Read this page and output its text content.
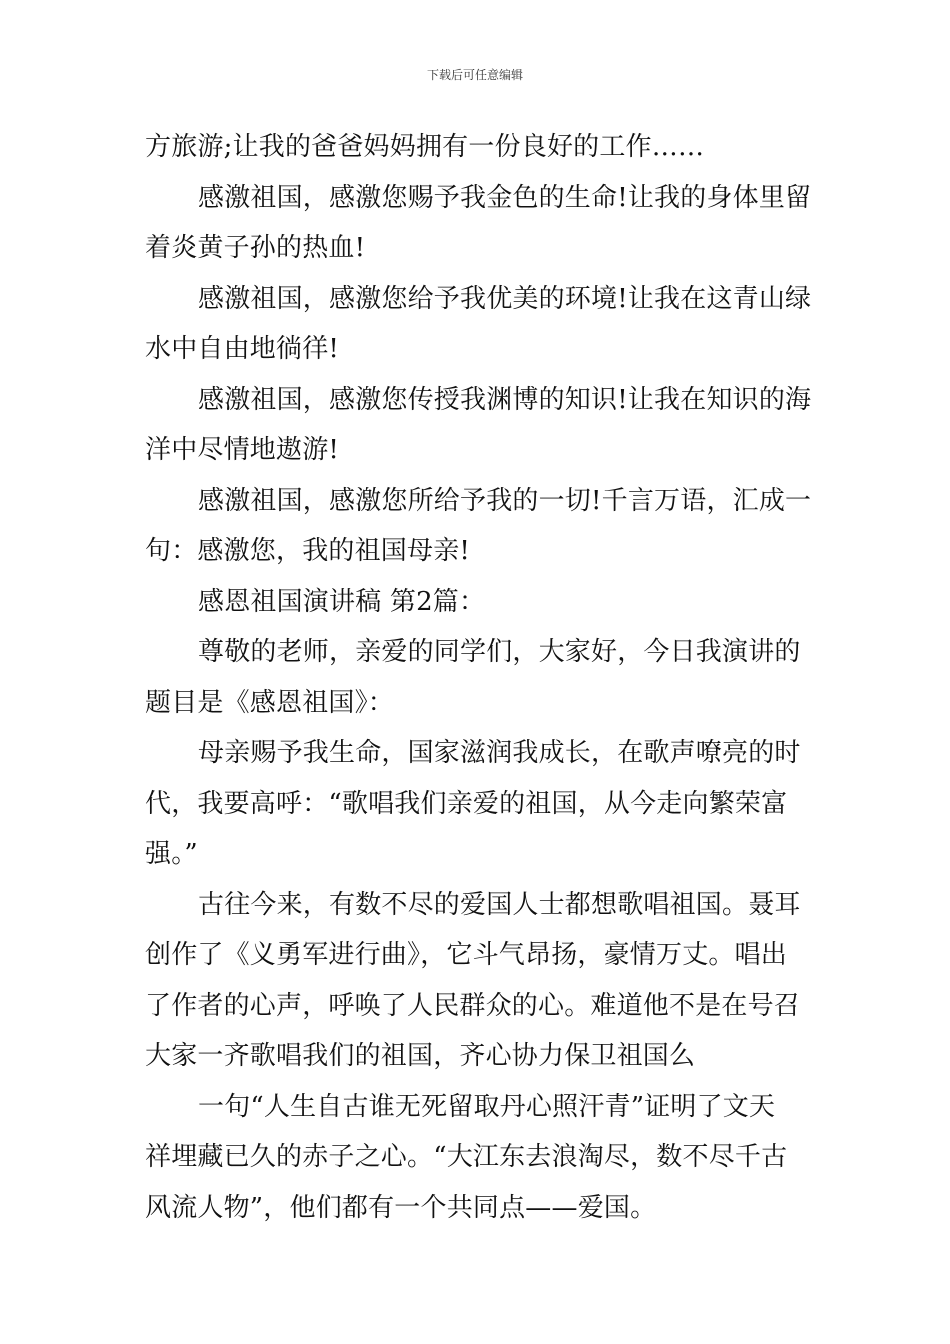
下载后可任意编辑
方旅游;让我的爸爸妈妈拥有一份良好的工作……
感激祖国，感激您赐予我金色的生命!让我的身体里留
着炎黄子孙的热血!
感激祖国，感激您给予我优美的环境!让我在这青山绿
水中自由地徜徉!
感激祖国，感激您传授我渊博的知识!让我在知识的海
洋中尽情地遨游!
感激祖国，感激您所给予我的一切!千言万语，汇成一
句：感激您，我的祖国母亲!
感恩祖国演讲稿 第2篇：
尊敬的老师，亲爱的同学们，大家好，今日我演讲的
题目是《感恩祖国》：
母亲赐予我生命，国家滋润我成长，在歌声嘹亮的时
代，我要高呼：“歌唱我们亲爱的祖国，从今走向繁荣富
强。”
古往今来，有数不尽的爱国人士都想歌唱祖国。聂耳
创作了《义勇军进行曲》，它斗气昂扬，豪情万丈。唱出
了作者的心声，呼唤了人民群众的心。难道他不是在号召
大家一齐歌唱我们的祖国，齐心协力保卫祖国么
一句“人生自古谁无死留取丹心照汗青”证明了文天
祥埋藏已久的赤子之心。“大江东去浪淘尽，数不尽千古
风流人物”，他们都有一个共同点——爱国。
